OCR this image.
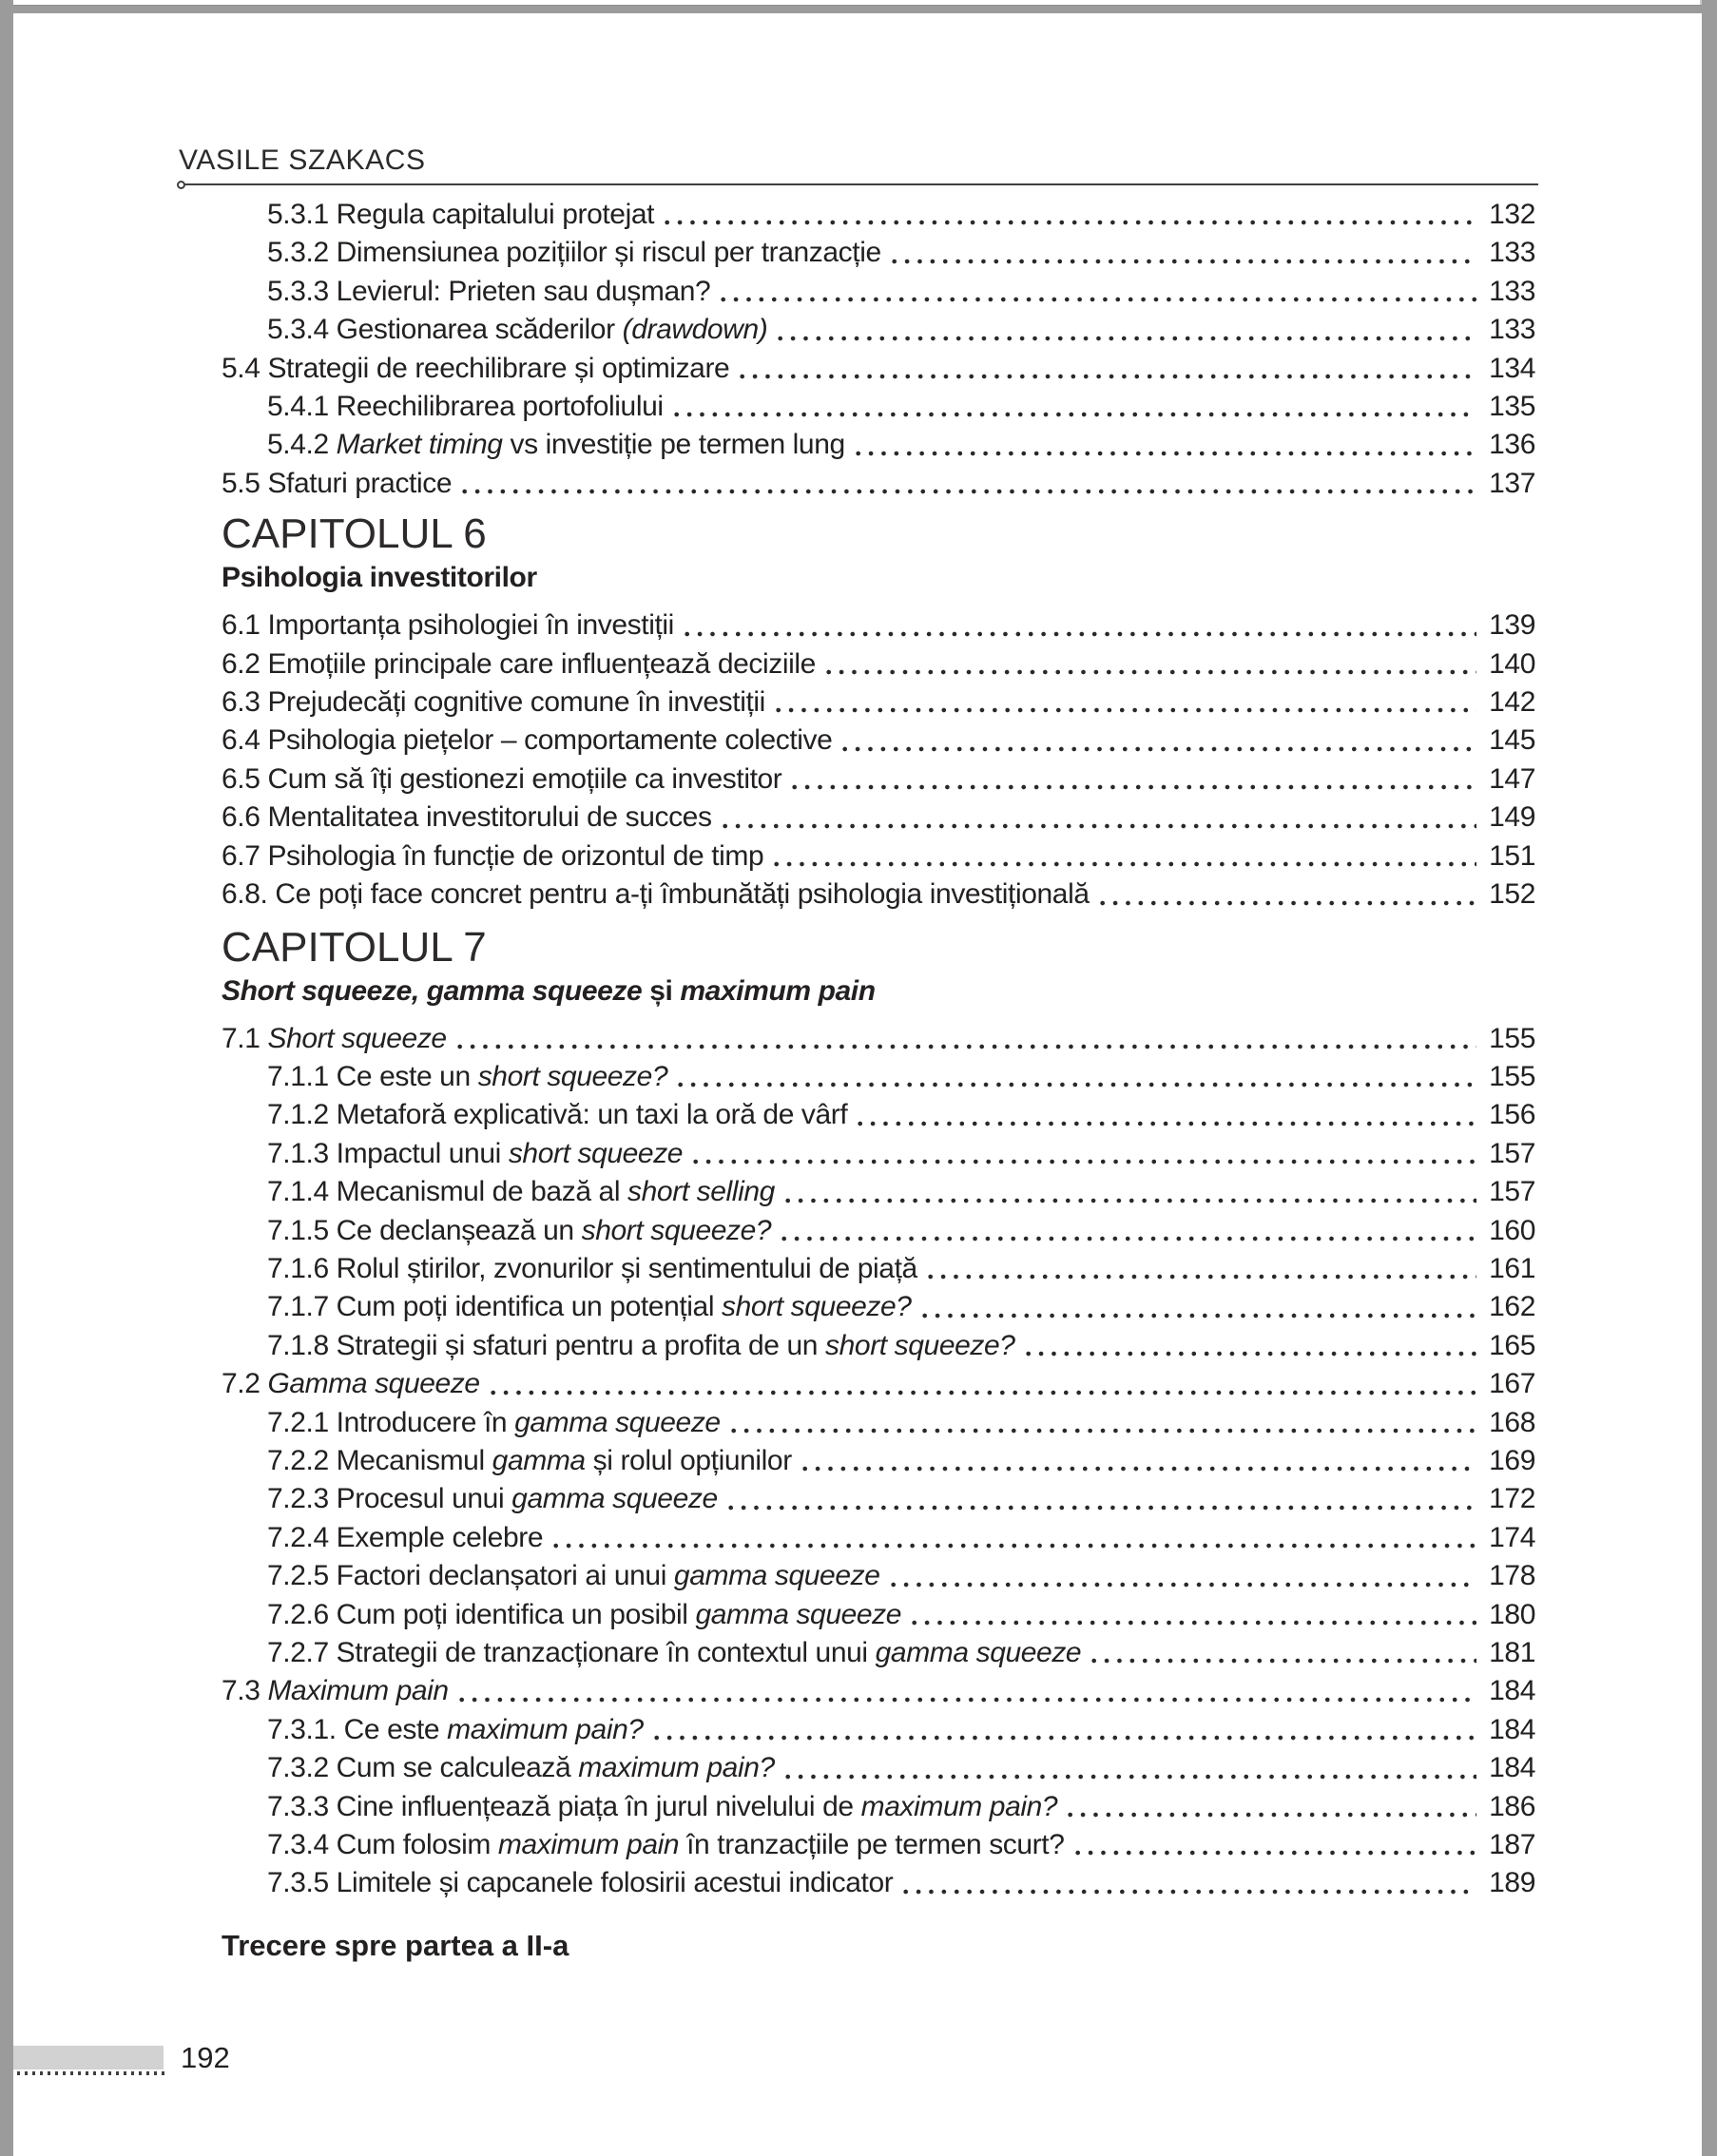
VASILE SZAKACS
5.3.1 Regula capitalului protejat	132
5.3.2 Dimensiunea pozițiilor și riscul per tranzacție	133
5.3.3 Levierul: Prieten sau dușman?	133
5.3.4 Gestionarea scăderilor (drawdown)	133
5.4 Strategii de reechilibrare și optimizare	134
5.4.1 Reechilibrarea portofoliului	135
5.4.2 Market timing vs investiție pe termen lung	136
5.5 Sfaturi practice	137
CAPITOLUL 6
Psihologia investitorilor
6.1 Importanța psihologiei în investiții	139
6.2 Emoțiile principale care influențează deciziile	140
6.3 Prejudecăți cognitive comune în investiții	142
6.4 Psihologia piețelor – comportamente colective	145
6.5 Cum să îți gestionezi emoțiile ca investitor	147
6.6 Mentalitatea investitorului de succes	149
6.7 Psihologia în funcție de orizontul de timp	151
6.8. Ce poți face concret pentru a-ți îmbunătăți psihologia investițională	152
CAPITOLUL 7
Short squeeze, gamma squeeze și maximum pain
7.1 Short squeeze	155
7.1.1 Ce este un short squeeze?	155
7.1.2 Metaforă explicativă: un taxi la oră de vârf	156
7.1.3 Impactul unui short squeeze	157
7.1.4 Mecanismul de bază al short selling	157
7.1.5 Ce declanșează un short squeeze?	160
7.1.6 Rolul știrilor, zvonurilor și sentimentului de piață	161
7.1.7 Cum poți identifica un potențial short squeeze?	162
7.1.8 Strategii și sfaturi pentru a profita de un short squeeze?	165
7.2 Gamma squeeze	167
7.2.1 Introducere în gamma squeeze	168
7.2.2 Mecanismul gamma și rolul opțiunilor	169
7.2.3 Procesul unui gamma squeeze	172
7.2.4 Exemple celebre	174
7.2.5 Factori declanșatori ai unui gamma squeeze	178
7.2.6 Cum poți identifica un posibil gamma squeeze	180
7.2.7 Strategii de tranzacționare în contextul unui gamma squeeze	181
7.3 Maximum pain	184
7.3.1. Ce este maximum pain?	184
7.3.2 Cum se calculează maximum pain?	184
7.3.3 Cine influențează piața în jurul nivelului de maximum pain?	186
7.3.4 Cum folosim maximum pain în tranzacțiile pe termen scurt?	187
7.3.5 Limitele și capcanele folosirii acestui indicator	189
Trecere spre partea a II-a
192
